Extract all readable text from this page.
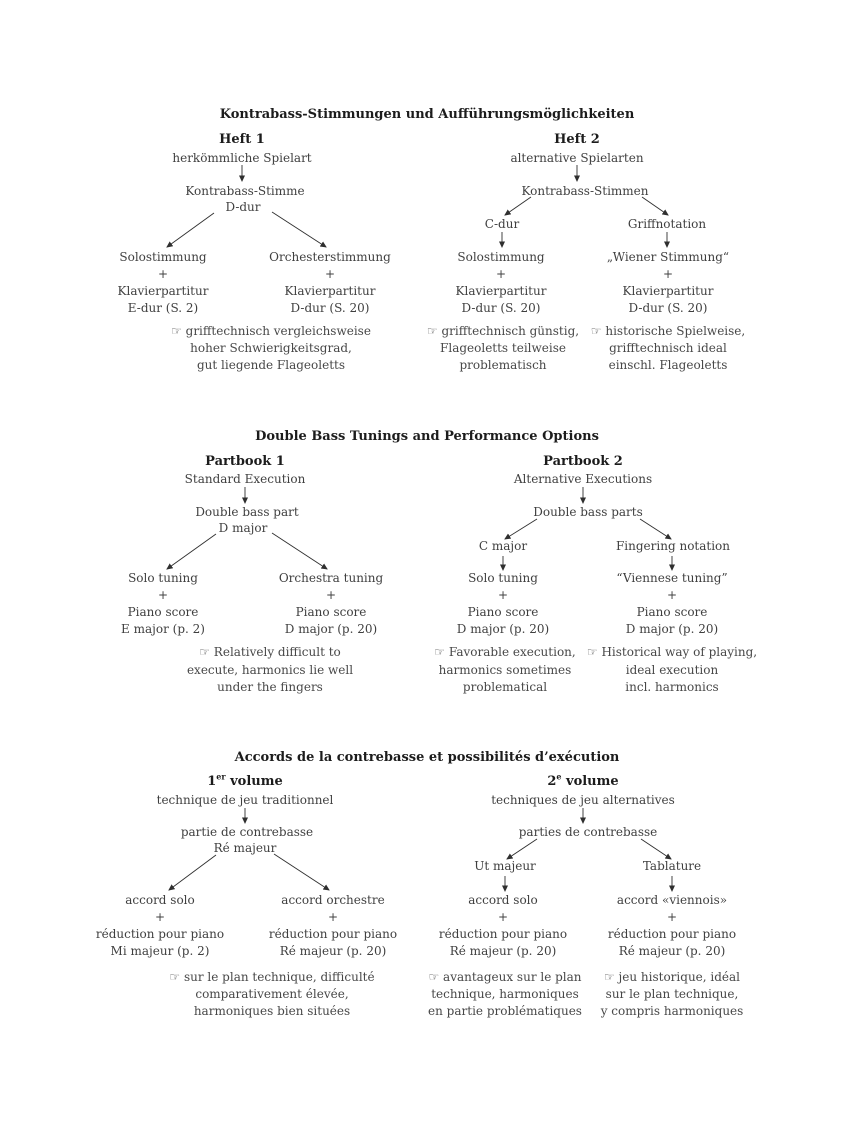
Kontrabass-Stimmungen und Aufführungsmöglichkeiten
Heft 1
herkömmliche Spielart
Kontrabass-Stimme
D-dur
Solostimmung
+
Klavierpartitur
E-dur (S. 2)
Orchesterstimmung
+
Klavierpartitur
D-dur (S. 20)
☞ grifftechnisch vergleichsweise
hoher Schwierigkeitsgrad,
gut liegende Flageoletts
Heft 2
alternative Spielarten
Kontrabass-Stimmen
C-dur	Griffnotation
Solostimmung
+
Klavierpartitur
D-dur (S. 20)
„Wiener Stimmung“
+
Klavierpartitur
D-dur (S. 20)
☞ grifftechnisch günstig,
Flageoletts teilweise
problematisch
☞ historische Spielweise,
grifftechnisch ideal
einschl. Flageoletts
Double Bass Tunings and Performance Options
Partbook 1
Standard Execution
Double bass part
D major
Solo tuning
+
Piano score
E major (p. 2)
Orchestra tuning
+
Piano score
D major (p. 20)
☞ Relatively difficult to
execute, harmonics lie well
under the fingers
Partbook 2
Alternative Executions
Double bass parts
C major	Fingering notation
Solo tuning
+
Piano score
D major (p. 20)
“Viennese tuning”
+
Piano score
D major (p. 20)
☞ Favorable execution,
harmonics sometimes
problematical
☞ Historical way of playing,
ideal execution
incl. harmonics
Accords de la contrebasse et possibilités d’exécution
1er volume
technique de jeu traditionnel
partie de contrebasse
Ré majeur
accord solo
+
réduction pour piano
Mi majeur (p. 2)
accord orchestre
+
réduction pour piano
Ré majeur (p. 20)
☞ sur le plan technique, difficulté
comparativement élevée,
harmoniques bien situées
2e volume
techniques de jeu alternatives
parties de contrebasse
Ut majeur	Tablature
accord solo
+
réduction pour piano
Ré majeur (p. 20)
accord «viennois»
+
réduction pour piano
Ré majeur (p. 20)
☞ avantageux sur le plan
technique, harmoniques
en partie problématiques
☞ jeu historique, idéal
sur le plan technique,
y compris harmoniques
